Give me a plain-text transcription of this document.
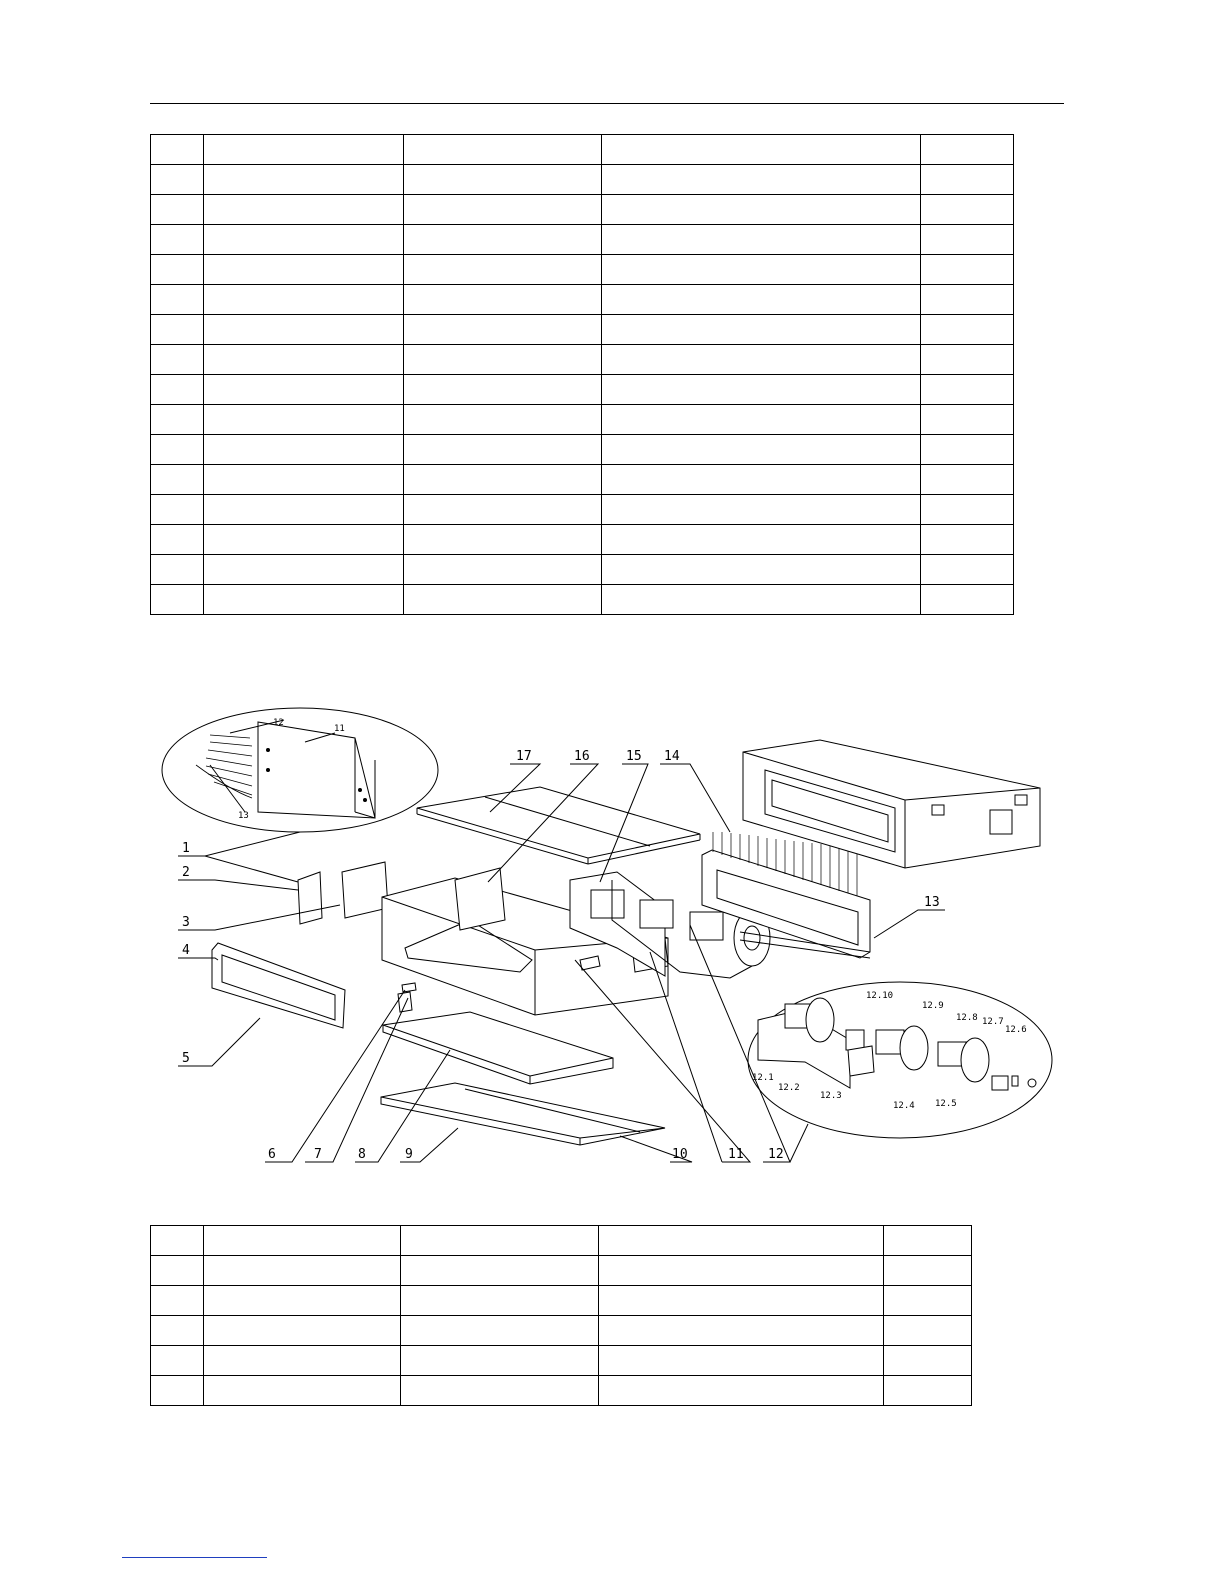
1
2
3
4
5
6	7	8	9	10	11 12
13
14
15
16
17
11
12
13
12.1
12.2
12.3
12.4 12.5
12.6
12.7
12.8
12.9
12.10
